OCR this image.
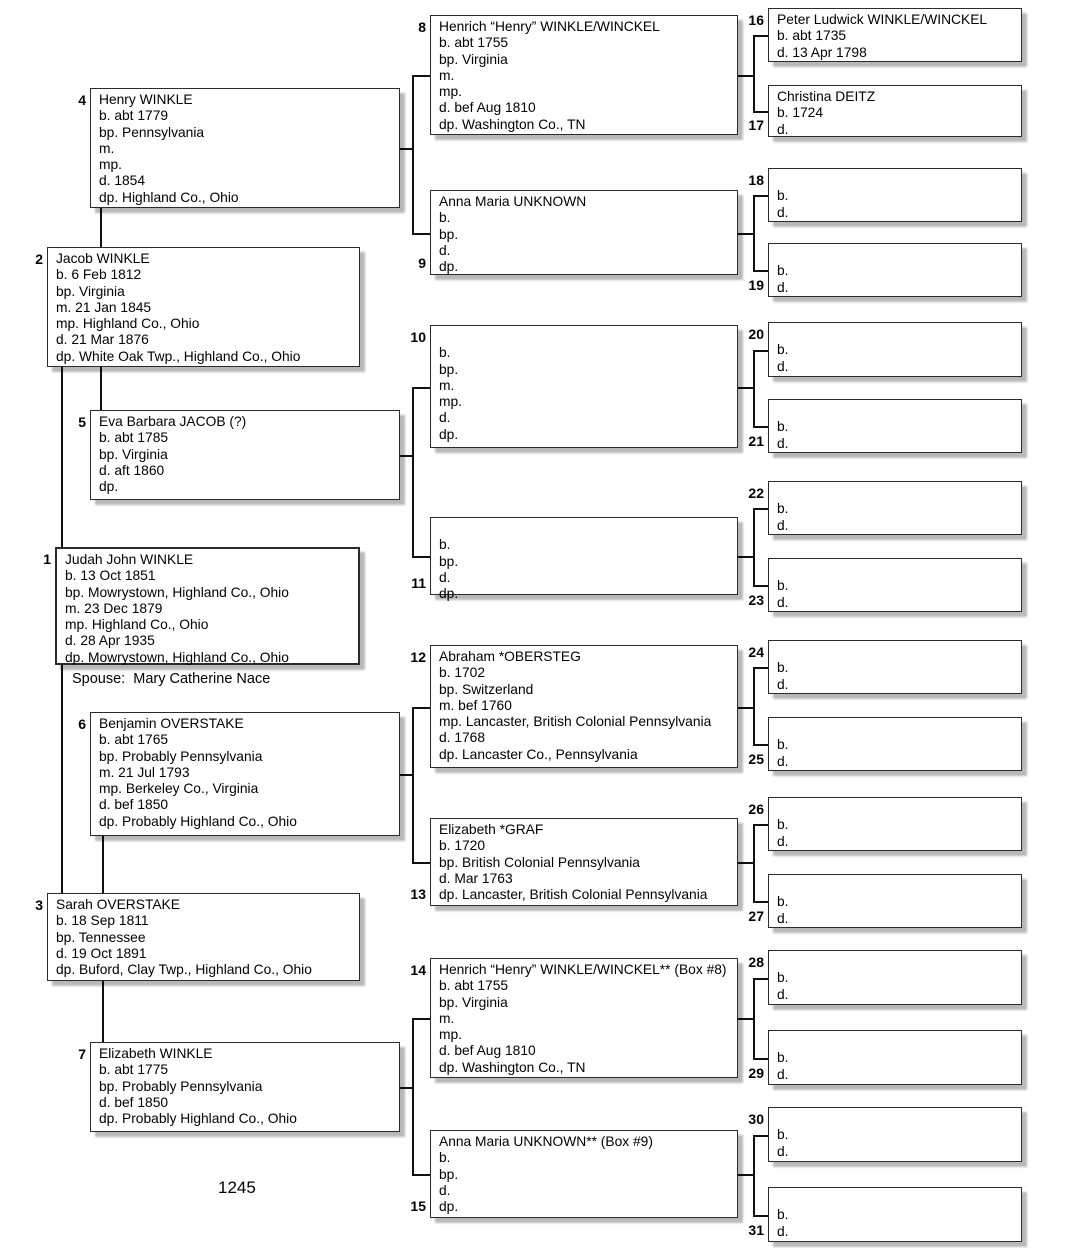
Spouse:  Mary Catherine Nace
1245
Judah John WINKLE
b. 13 Oct 1851
bp. Mowrystown, Highland Co., Ohio
m. 23 Dec 1879
mp. Highland Co., Ohio
d. 28 Apr 1935
dp. Mowrystown, Highland Co., Ohio
1
Jacob WINKLE
b. 6 Feb 1812
bp. Virginia
m. 21 Jan 1845
mp. Highland Co., Ohio
d. 21 Mar 1876
dp. White Oak Twp., Highland Co., Ohio
2
Sarah OVERSTAKE
b. 18 Sep 1811
bp. Tennessee
d. 19 Oct 1891
dp. Buford, Clay Twp., Highland Co., Ohio
3
Henry WINKLE
b. abt 1779
bp. Pennsylvania
m.
mp.
d. 1854
dp. Highland Co., Ohio
4
Eva Barbara JACOB (?)
b. abt 1785
bp. Virginia
d. aft 1860
dp.
5
Benjamin OVERSTAKE
b. abt 1765
bp. Probably Pennsylvania
m. 21 Jul 1793
mp. Berkeley Co., Virginia
d. bef 1850
dp. Probably Highland Co., Ohio
6
Elizabeth WINKLE
b. abt 1775
bp. Probably Pennsylvania
d. bef 1850
dp. Probably Highland Co., Ohio
7
Henrich “Henry” WINKLE/WINCKEL
b. abt 1755
bp. Virginia
m.
mp.
d. bef Aug 1810
dp. Washington Co., TN
8
Anna Maria UNKNOWN
b.
bp.
d.
dp.
9
b.
bp.
m.
mp.
d.
dp.
10
b.
bp.
d.
dp.
11
Abraham *OBERSTEG
b. 1702
bp. Switzerland
m. bef 1760
mp. Lancaster, British Colonial Pennsylvania
d. 1768
dp. Lancaster Co., Pennsylvania
12
Elizabeth *GRAF
b. 1720
bp. British Colonial Pennsylvania
d. Mar 1763
dp. Lancaster, British Colonial Pennsylvania
13
Henrich “Henry” WINKLE/WINCKEL** (Box #8)
b. abt 1755
bp. Virginia
m.
mp.
d. bef Aug 1810
dp. Washington Co., TN
14
Anna Maria UNKNOWN** (Box #9)
b.
bp.
d.
dp.
15
Peter Ludwick WINKLE/WINCKEL
b. abt 1735
d. 13 Apr 1798
16
Christina DEITZ
b. 1724
d.
17
b.
d.
18
b.
d.
19
b.
d.
20
b.
d.
21
b.
d.
22
b.
d.
23
b.
d.
24
b.
d.
25
b.
d.
26
b.
d.
27
b.
d.
28
b.
d.
29
b.
d.
30
b.
d.
31
